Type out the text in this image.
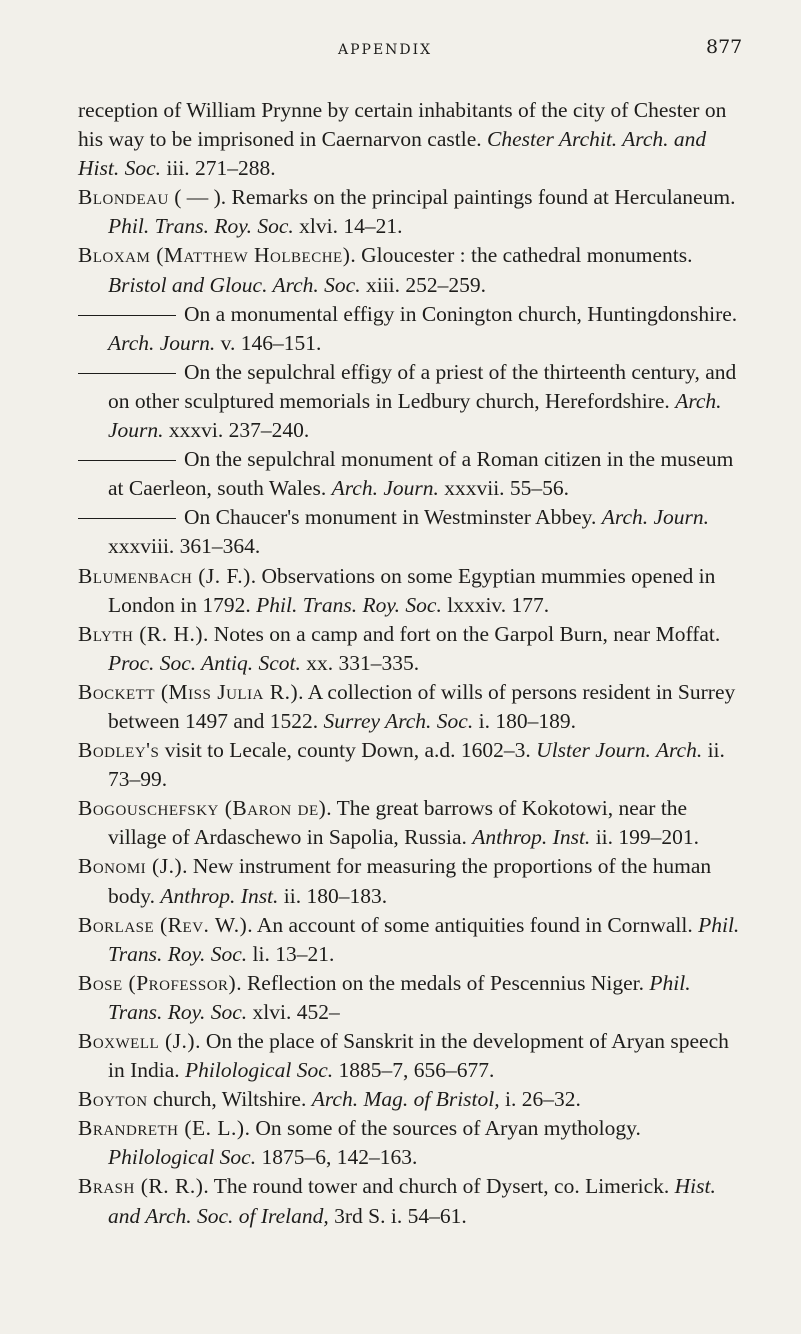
APPENDIX	877
reception of William Prynne by certain inhabitants of the city of Chester on his way to be imprisoned in Caernarvon castle. Chester Archit. Arch. and Hist. Soc. iii. 271–288.
Blondeau ( — ). Remarks on the principal paintings found at Herculaneum. Phil. Trans. Roy. Soc. xlvi. 14–21.
Bloxam (Matthew Holbeche). Gloucester : the cathedral monuments. Bristol and Glouc. Arch. Soc. xiii. 252–259.
On a monumental effigy in Conington church, Huntingdonshire. Arch. Journ. v. 146–151.
On the sepulchral effigy of a priest of the thirteenth century, and on other sculptured memorials in Ledbury church, Herefordshire. Arch. Journ. xxxvi. 237–240.
On the sepulchral monument of a Roman citizen in the museum at Caerleon, south Wales. Arch. Journ. xxxvii. 55–56.
On Chaucer's monument in Westminster Abbey. Arch. Journ. xxxviii. 361–364.
Blumenbach (J. F.). Observations on some Egyptian mummies opened in London in 1792. Phil. Trans. Roy. Soc. lxxxiv. 177.
Blyth (R. H.). Notes on a camp and fort on the Garpol Burn, near Moffat. Proc. Soc. Antiq. Scot. xx. 331–335.
Bockett (Miss Julia R.). A collection of wills of persons resident in Surrey between 1497 and 1522. Surrey Arch. Soc. i. 180–189.
Bodley's visit to Lecale, county Down, a.d. 1602–3. Ulster Journ. Arch. ii. 73–99.
Bogouschefsky (Baron de). The great barrows of Kokotowi, near the village of Ardaschewo in Sapolia, Russia. Anthrop. Inst. ii. 199–201.
Bonomi (J.). New instrument for measuring the proportions of the human body. Anthrop. Inst. ii. 180–183.
Borlase (Rev. W.). An account of some antiquities found in Cornwall. Phil. Trans. Roy. Soc. li. 13–21.
Bose (Professor). Reflection on the medals of Pescennius Niger. Phil. Trans. Roy. Soc. xlvi. 452–
Boxwell (J.). On the place of Sanskrit in the development of Aryan speech in India. Philological Soc. 1885–7, 656–677.
Boyton church, Wiltshire. Arch. Mag. of Bristol, i. 26–32.
Brandreth (E. L.). On some of the sources of Aryan mythology. Philological Soc. 1875–6, 142–163.
Brash (R. R.). The round tower and church of Dysert, co. Limerick. Hist. and Arch. Soc. of Ireland, 3rd S. i. 54–61.
